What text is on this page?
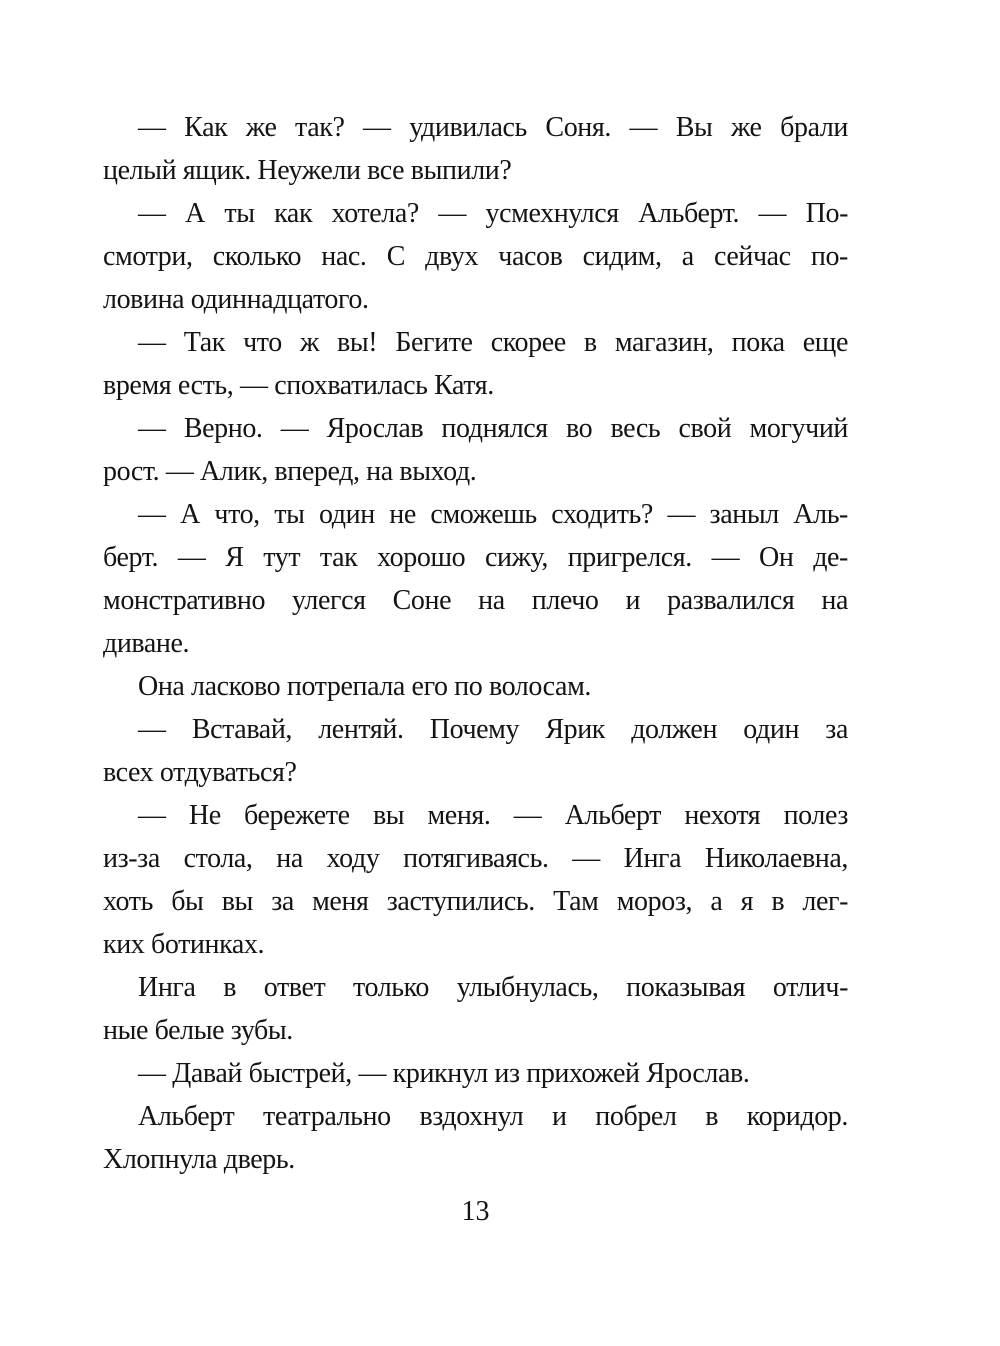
— Как же так? — удивилась Соня. — Вы же брали
целый ящик. Неужели все выпили?
— А ты как хотела? — усмехнулся Альберт. — По-
смотри, сколько нас. С двух часов сидим, а сейчас по-
ловина одиннадцатого.
— Так что ж вы! Бегите скорее в магазин, пока еще
время есть, — спохватилась Катя.
— Верно. — Ярослав поднялся во весь свой могучий
рост. — Алик, вперед, на выход.
— А что, ты один не сможешь сходить? — заныл Аль-
берт. — Я тут так хорошо сижу, пригрелся. — Он де-
монстративно улегся Соне на плечо и развалился на
диване.
Она ласково потрепала его по волосам.
— Вставай, лентяй. Почему Ярик должен один за
всех отдуваться?
— Не бережете вы меня. — Альберт нехотя полез
из-за стола, на ходу потягиваясь. — Инга Николаевна,
хоть бы вы за меня заступились. Там мороз, а я в лег-
ких ботинках.
Инга в ответ только улыбнулась, показывая отлич-
ные белые зубы.
— Давай быстрей, — крикнул из прихожей Ярослав.
Альберт театрально вздохнул и побрел в коридор.
Хлопнула дверь.
13
